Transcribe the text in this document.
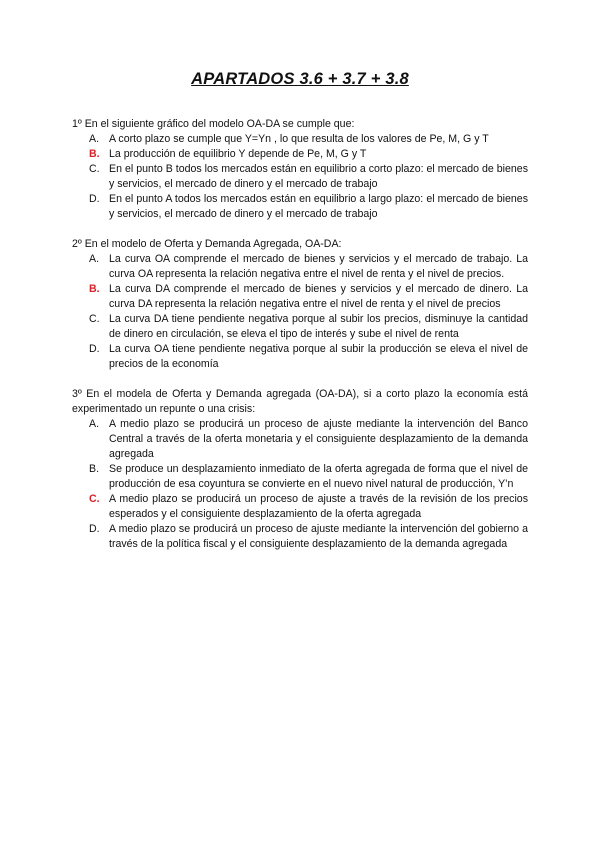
APARTADOS 3.6 + 3.7 + 3.8
1º En el siguiente gráfico del modelo OA-DA se cumple que:
A. A corto plazo se cumple que Y=Yn , lo que resulta de los valores de Pe, M, G y T
B. La producción de equilibrio Y depende de Pe, M, G y T
C. En el punto B todos los mercados están en equilibrio a corto plazo: el mercado de bienes y servicios, el mercado de dinero y el mercado de trabajo
D. En el punto A todos los mercados están en equilibrio a largo plazo: el mercado de bienes y servicios, el mercado de dinero y el mercado de trabajo
2º En el modelo de Oferta y Demanda Agregada, OA-DA:
A. La curva OA comprende el mercado de bienes y servicios y el mercado de trabajo. La curva OA representa la relación negativa entre el nivel de renta y el nivel de precios.
B. La curva DA comprende el mercado de bienes y servicios y el mercado de dinero. La curva DA representa la relación negativa entre el nivel de renta y el nivel de precios
C. La curva DA tiene pendiente negativa porque al subir los precios, disminuye la cantidad de dinero en circulación, se eleva el tipo de interés y sube el nivel de renta
D. La curva OA tiene pendiente negativa porque al subir la producción se eleva el nivel de precios de la economía
3º En el modela de Oferta y Demanda agregada (OA-DA), si a corto plazo la economía está experimentado un repunte o una crisis:
A. A medio plazo se producirá un proceso de ajuste mediante la intervención del Banco Central a través de la oferta monetaria y el consiguiente desplazamiento de la demanda agregada
B. Se produce un desplazamiento inmediato de la oferta agregada de forma que el nivel de producción de esa coyuntura se convierte en el nuevo nivel natural de producción, Y’n
C. A medio plazo se producirá un proceso de ajuste a través de la revisión de los precios esperados y el consiguiente desplazamiento de la oferta agregada
D. A medio plazo se producirá un proceso de ajuste mediante la intervención del gobierno a través de la política fiscal y el consiguiente desplazamiento de la demanda agregada
